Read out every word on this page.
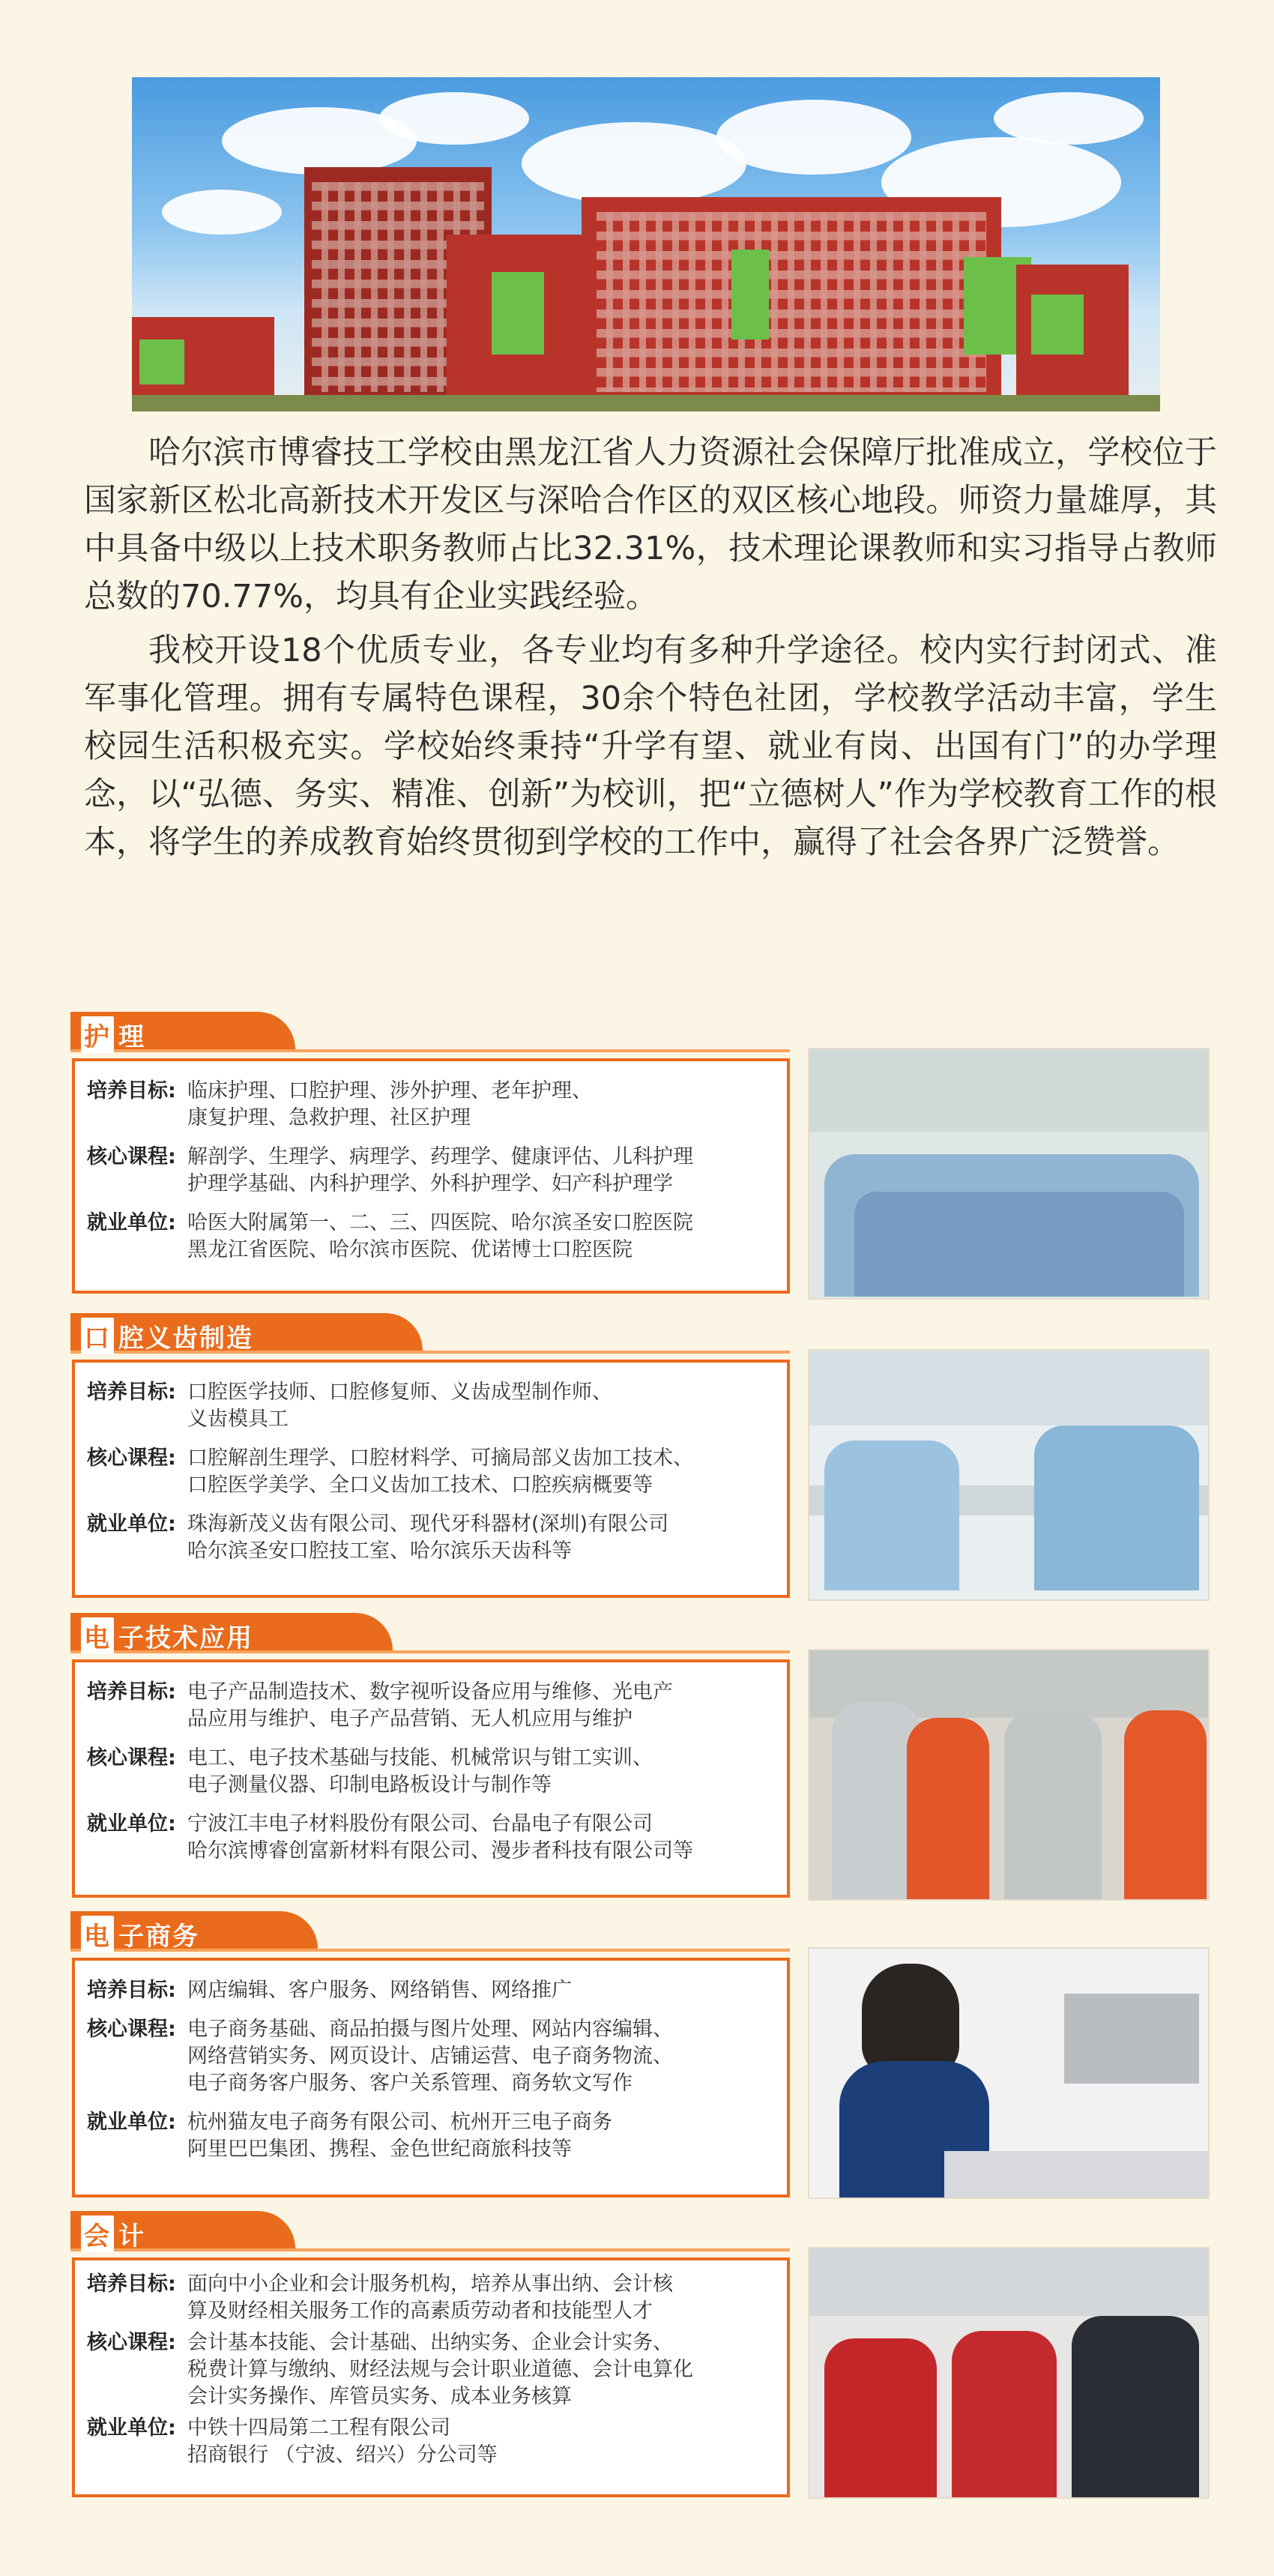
哈尔滨市博睿技工学校由黑龙江省人力资源社会保障厅批准成立，学校位于国家新区松北高新技术开发区与深哈合作区的双区核心地段。师资力量雄厚，其中具备中级以上技术职务教师占比32.31%，技术理论课教师和实习指导占教师总数的70.77%，均具有企业实践经验。

我校开设18个优质专业，各专业均有多种升学途径。校内实行封闭式、准军事化管理。拥有专属特色课程，30余个特色社团，学校教学活动丰富，学生校园生活积极充实。学校始终秉持“升学有望、就业有岗、出国有门”的办学理念，以“弘德、务实、精准、创新”为校训，把“立德树人”作为学校教育工作的根本，将学生的养成教育始终贯彻到学校的工作中，赢得了社会各界广泛赞誉。

护 理
培养目标: 临床护理、口腔护理、涉外护理、老年护理、
康复护理、急救护理、社区护理
核心课程: 解剖学、生理学、病理学、药理学、健康评估、儿科护理
护理学基础、内科护理学、外科护理学、妇产科护理学
就业单位: 哈医大附属第一、二、三、四医院、哈尔滨圣安口腔医院
黑龙江省医院、哈尔滨市医院、优诺博士口腔医院
口 腔义齿制造
培养目标: 口腔医学技师、口腔修复师、义齿成型制作师、
义齿模具工
核心课程: 口腔解剖生理学、口腔材料学、可摘局部义齿加工技术、
口腔医学美学、全口义齿加工技术、口腔疾病概要等
就业单位: 珠海新茂义齿有限公司、现代牙科器材(深圳)有限公司
哈尔滨圣安口腔技工室、哈尔滨乐天齿科等
电 子技术应用
培养目标: 电子产品制造技术、数字视听设备应用与维修、光电产
品应用与维护、电子产品营销、无人机应用与维护
核心课程: 电工、电子技术基础与技能、机械常识与钳工实训、
电子测量仪器、印制电路板设计与制作等
就业单位: 宁波江丰电子材料股份有限公司、台晶电子有限公司
哈尔滨博睿创富新材料有限公司、漫步者科技有限公司等
电 子商务
培养目标: 网店编辑、客户服务、网络销售、网络推广
核心课程: 电子商务基础、商品拍摄与图片处理、网站内容编辑、
网络营销实务、网页设计、店铺运营、电子商务物流、
电子商务客户服务、客户关系管理、商务软文写作
就业单位: 杭州猫友电子商务有限公司、杭州开三电子商务
阿里巴巴集团、携程、金色世纪商旅科技等
会 计
培养目标: 面向中小企业和会计服务机构，培养从事出纳、会计核
算及财经相关服务工作的高素质劳动者和技能型人才
核心课程: 会计基本技能、会计基础、出纳实务、企业会计实务、
税费计算与缴纳、财经法规与会计职业道德、会计电算化
会计实务操作、库管员实务、成本业务核算
就业单位: 中铁十四局第二工程有限公司
招商银行 （宁波、绍兴）分公司等
